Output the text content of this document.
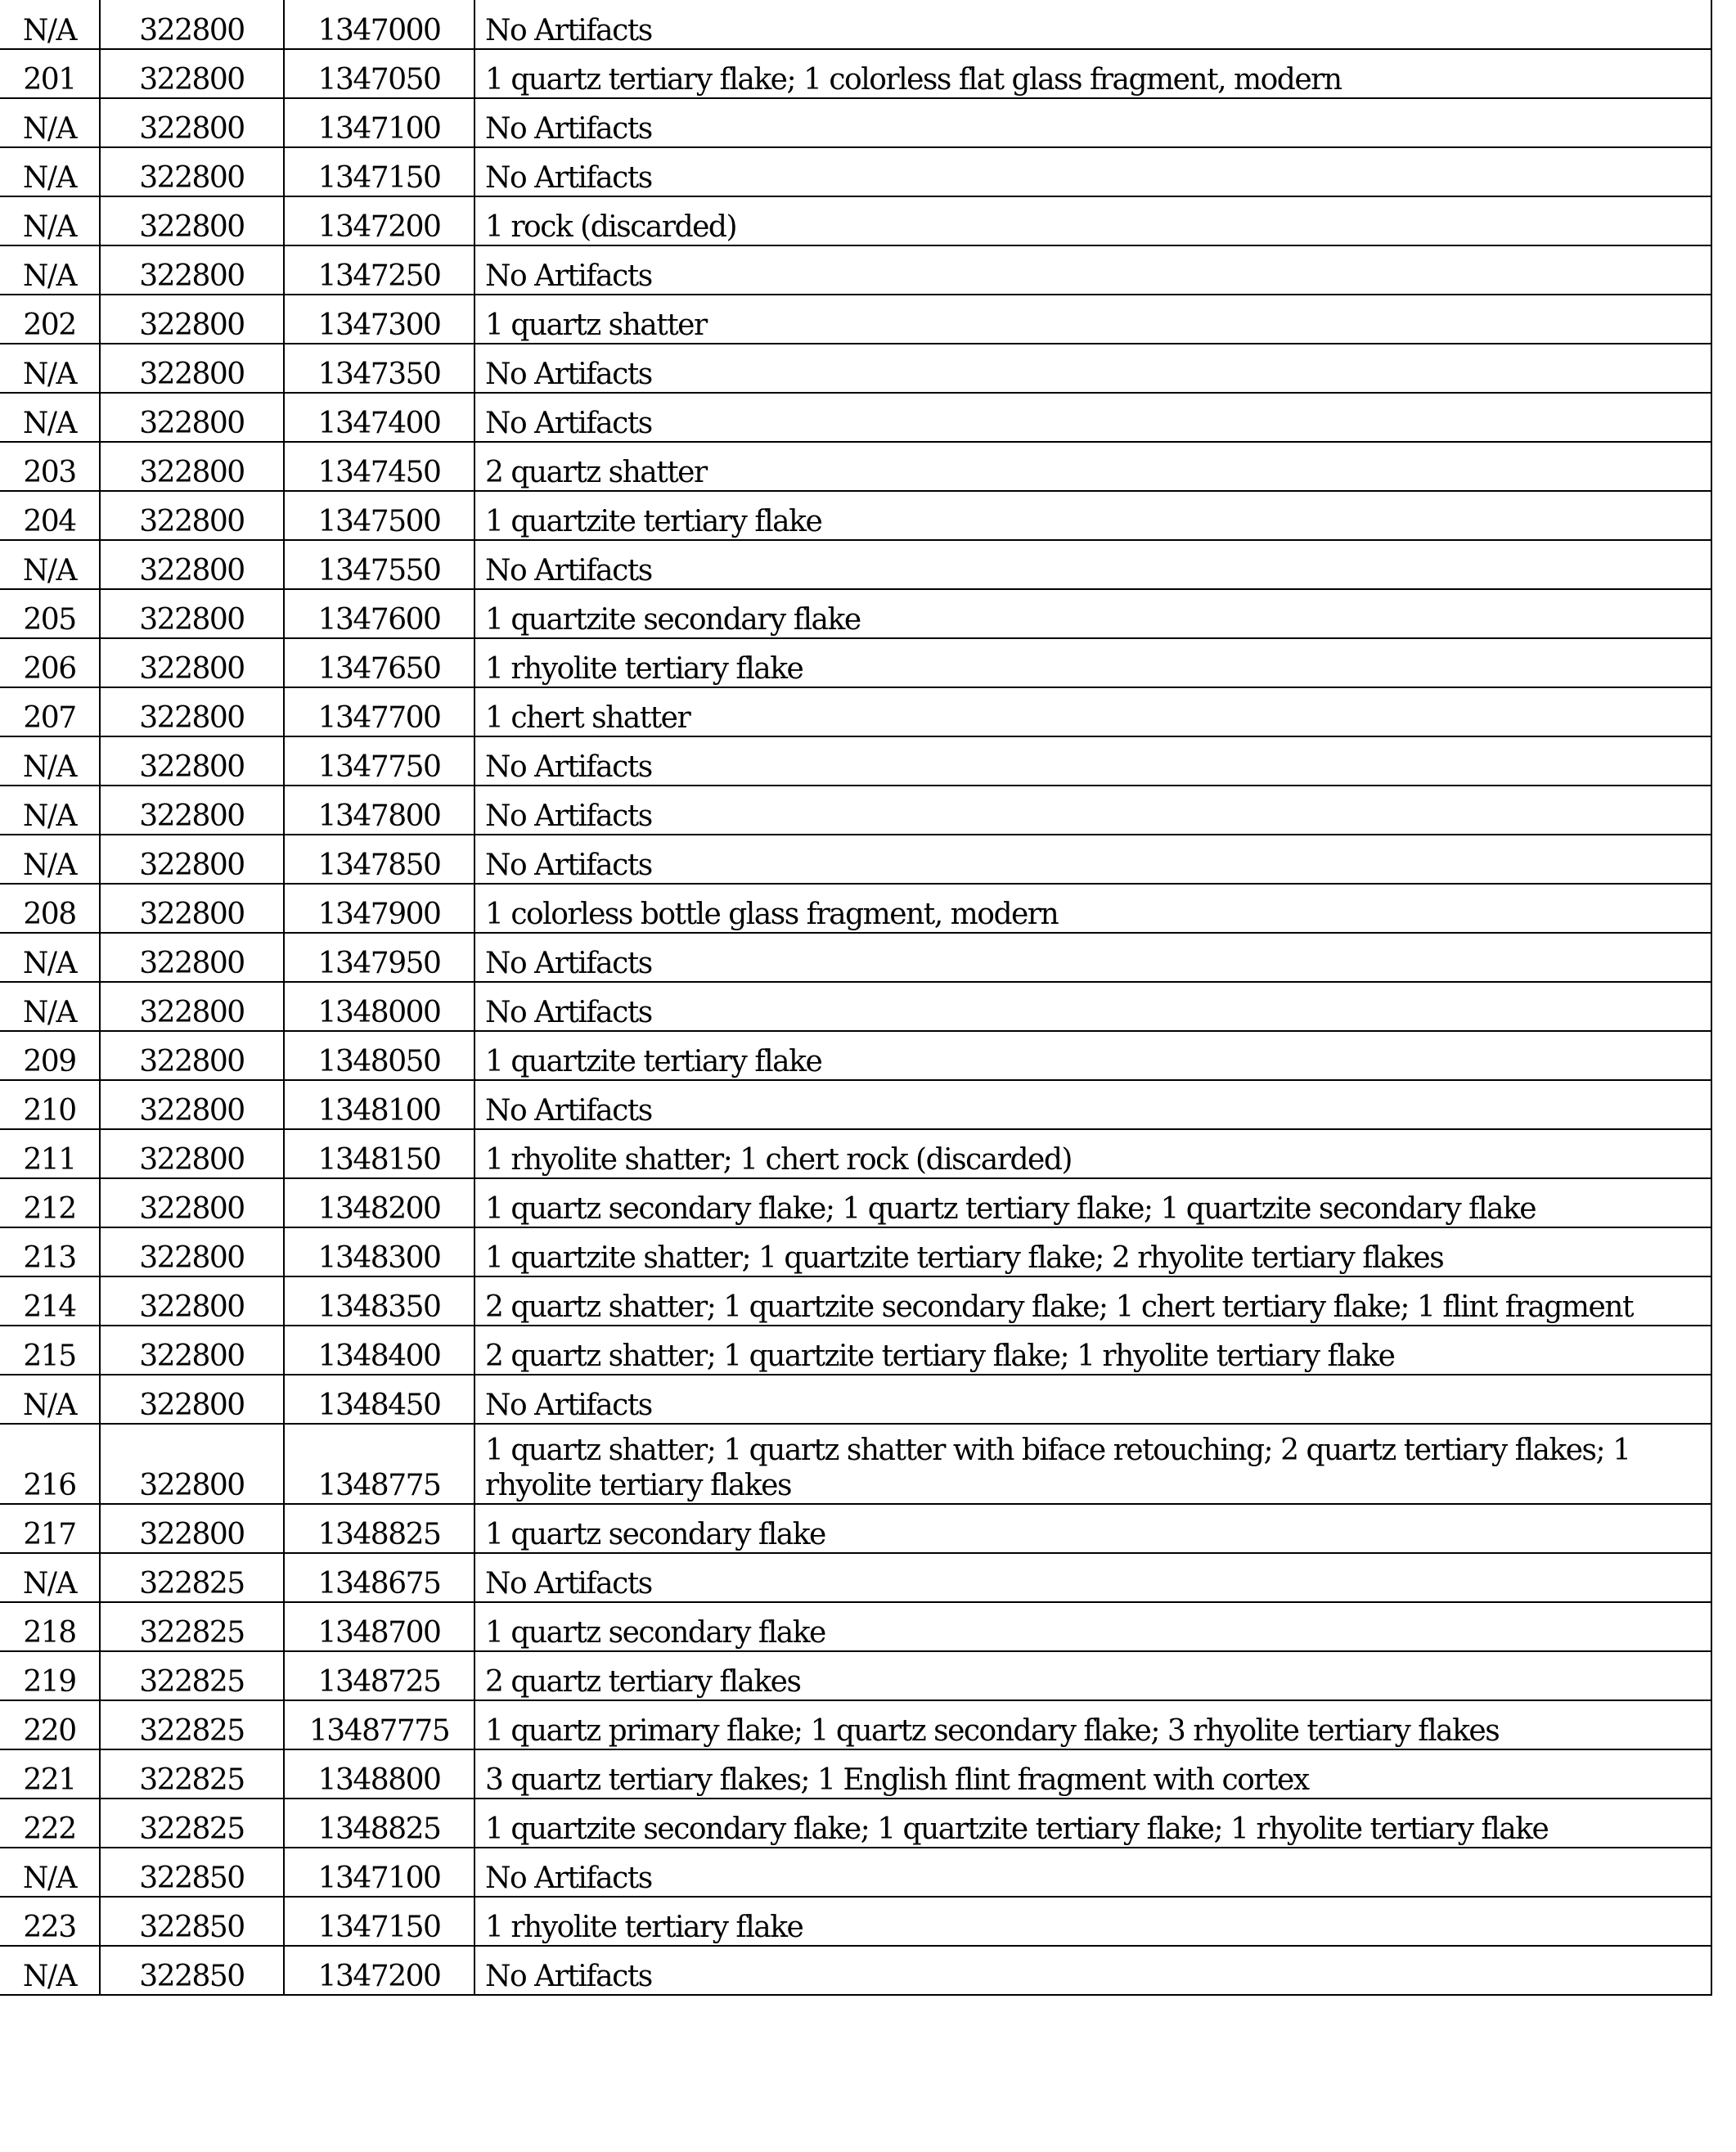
N/A	322800	1347000	No Artifacts
201	322800	1347050	1 quartz tertiary flake; 1 colorless flat glass fragment, modern
N/A	322800	1347100	No Artifacts
N/A	322800	1347150	No Artifacts
N/A	322800	1347200	1 rock (discarded)
N/A	322800	1347250	No Artifacts
202	322800	1347300	1 quartz shatter
N/A	322800	1347350	No Artifacts
N/A	322800	1347400	No Artifacts
203	322800	1347450	2 quartz shatter
204	322800	1347500	1 quartzite tertiary flake
N/A	322800	1347550	No Artifacts
205	322800	1347600	1 quartzite secondary flake
206	322800	1347650	1 rhyolite tertiary flake
207	322800	1347700	1 chert shatter
N/A	322800	1347750	No Artifacts
N/A	322800	1347800	No Artifacts
N/A	322800	1347850	No Artifacts
208	322800	1347900	1 colorless bottle glass fragment, modern
N/A	322800	1347950	No Artifacts
N/A	322800	1348000	No Artifacts
209	322800	1348050	1 quartzite tertiary flake
210	322800	1348100	No Artifacts
211	322800	1348150	1 rhyolite shatter; 1 chert rock (discarded)
212	322800	1348200	1 quartz secondary flake; 1 quartz tertiary flake; 1 quartzite secondary flake
213	322800	1348300	1 quartzite shatter; 1 quartzite tertiary flake; 2 rhyolite tertiary flakes
214	322800	1348350	2 quartz shatter; 1 quartzite secondary flake; 1 chert tertiary flake; 1 flint fragment
215	322800	1348400	2 quartz shatter; 1 quartzite tertiary flake; 1 rhyolite tertiary flake
N/A	322800	1348450	No Artifacts
216	322800	1348775	1 quartz shatter; 1 quartz shatter with biface retouching; 2 quartz tertiary flakes; 1 rhyolite tertiary flakes
217	322800	1348825	1 quartz secondary flake
N/A	322825	1348675	No Artifacts
218	322825	1348700	1 quartz secondary flake
219	322825	1348725	2 quartz tertiary flakes
220	322825	13487775	1 quartz primary flake; 1 quartz secondary flake; 3 rhyolite tertiary flakes
221	322825	1348800	3 quartz tertiary flakes; 1 English flint fragment with cortex
222	322825	1348825	1 quartzite secondary flake; 1 quartzite tertiary flake; 1 rhyolite tertiary flake
N/A	322850	1347100	No Artifacts
223	322850	1347150	1 rhyolite tertiary flake
N/A	322850	1347200	No Artifacts
